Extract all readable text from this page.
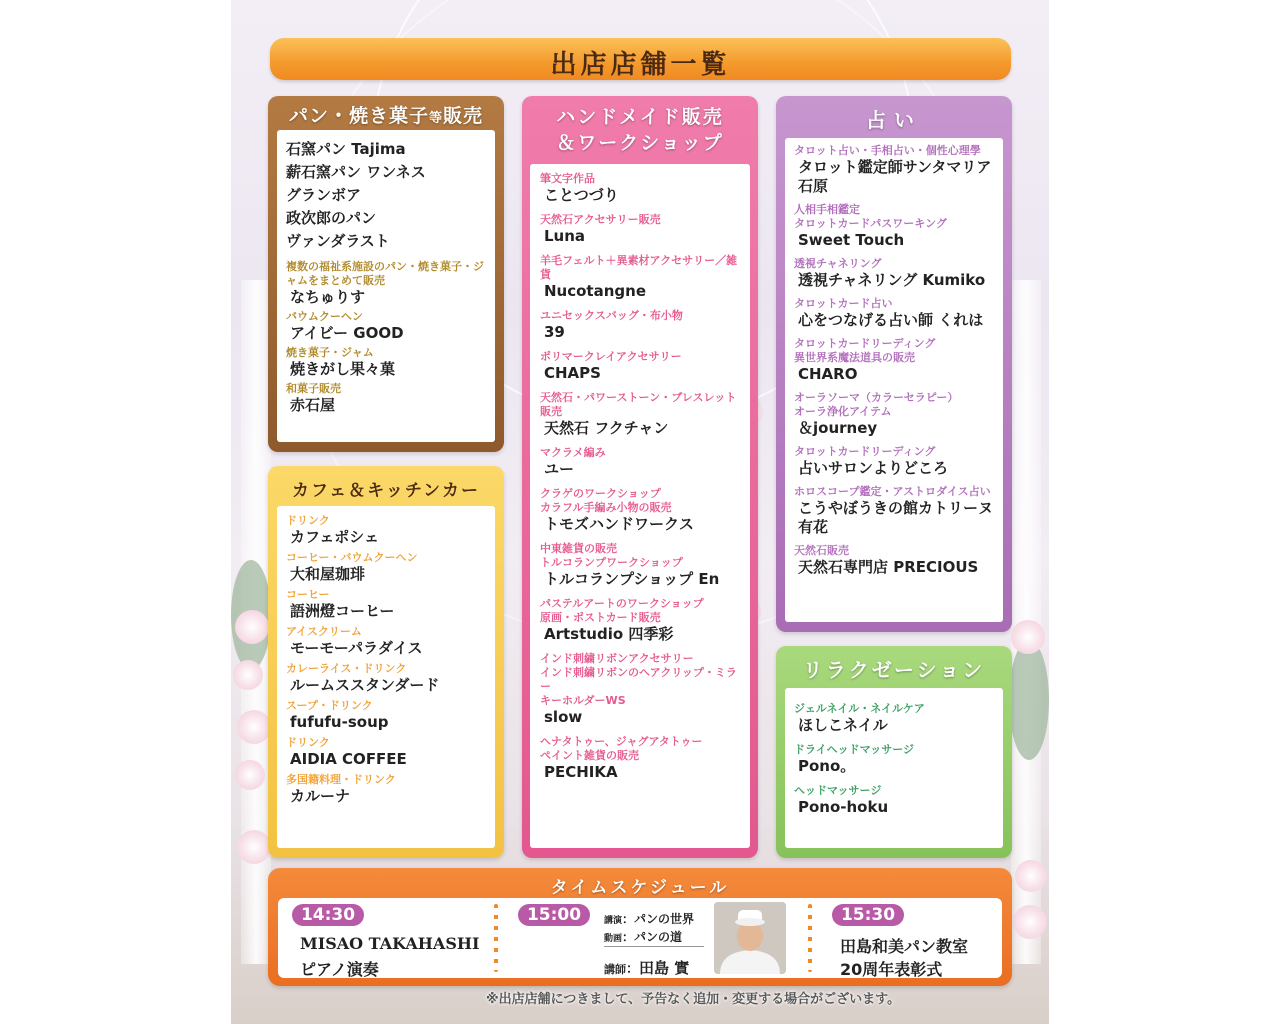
出店店舗一覧
パン・焼き菓子等販売
石窯パン Tajima
薪石窯パン ワンネス
グランボア
政次郎のパン
ヴァンダラスト
複数の福祉系施設のパン・焼き菓子・ジャムをまとめて販売
なちゅりす
バウムクーヘン
アイビー GOOD
焼き菓子・ジャム
焼きがし果々菓
和菓子販売
赤石屋
カフェ＆キッチンカー
ドリンク
カフェポシェ
コーヒー・バウムクーヘン
大和屋珈琲
コーヒー
語洲燈コーヒー
アイスクリーム
モーモーパラダイス
カレーライス・ドリンク
ルームススタンダード
スープ・ドリンク
fufufu-soup
ドリンク
AIDIA COFFEE
多国籍料理・ドリンク
カルーナ
ハンドメイド販売
＆ワークショップ
筆文字作品
ことつづり
天然石アクセサリー販売
Luna
羊毛フェルト＋異素材アクセサリー／雑貨
Nucotangne
ユニセックスバッグ・布小物
39
ポリマークレイアクセサリー
CHAPS
天然石・パワーストーン・ブレスレット販売
天然石 フクチャン
マクラメ編み
ユー
クラゲのワークショップ
カラフル手編み小物の販売
トモズハンドワークス
中東雑貨の販売
トルコランプワークショップ
トルコランプショップ En
パステルアートのワークショップ
原画・ポストカード販売
Artstudio 四季彩
インド刺繍リボンアクセサリー
インド刺繍リボンのヘアクリップ・ミラー
キーホルダーWS
slow
ヘナタトゥー、ジャグアタトゥー
ペイント雑貨の販売
PECHIKA
占い
タロット占い・手相占い・個性心理學
タロット鑑定師サンタマリア石原
人相手相鑑定
タロットカードパスワーキング
Sweet Touch
透視チャネリング
透視チャネリング Kumiko
タロットカード占い
心をつなげる占い師 くれは
タロットカードリーディング
異世界系魔法道具の販売
CHARO
オーラソーマ（カラーセラピー）
オーラ浄化アイテム
＆journey
タロットカードリーディング
占いサロンよりどころ
ホロスコープ鑑定・アストロダイス占い
こうやぼうきの館カトリーヌ有花
天然石販売
天然石専門店 PRECIOUS
リラクゼーション
ジェルネイル・ネイルケア
ほしこネイル
ドライヘッドマッサージ
Pono。
ヘッドマッサージ
Pono-hoku
タイムスケジュール
14:30
MISAO TAKAHASHI
ピアノ演奏
15:00	講演：パンの世界
動画：パンの道
講師：田島 實
15:30
田島和美パン教室
20周年表彰式
※出店店舗につきまして、予告なく追加・変更する場合がございます。
